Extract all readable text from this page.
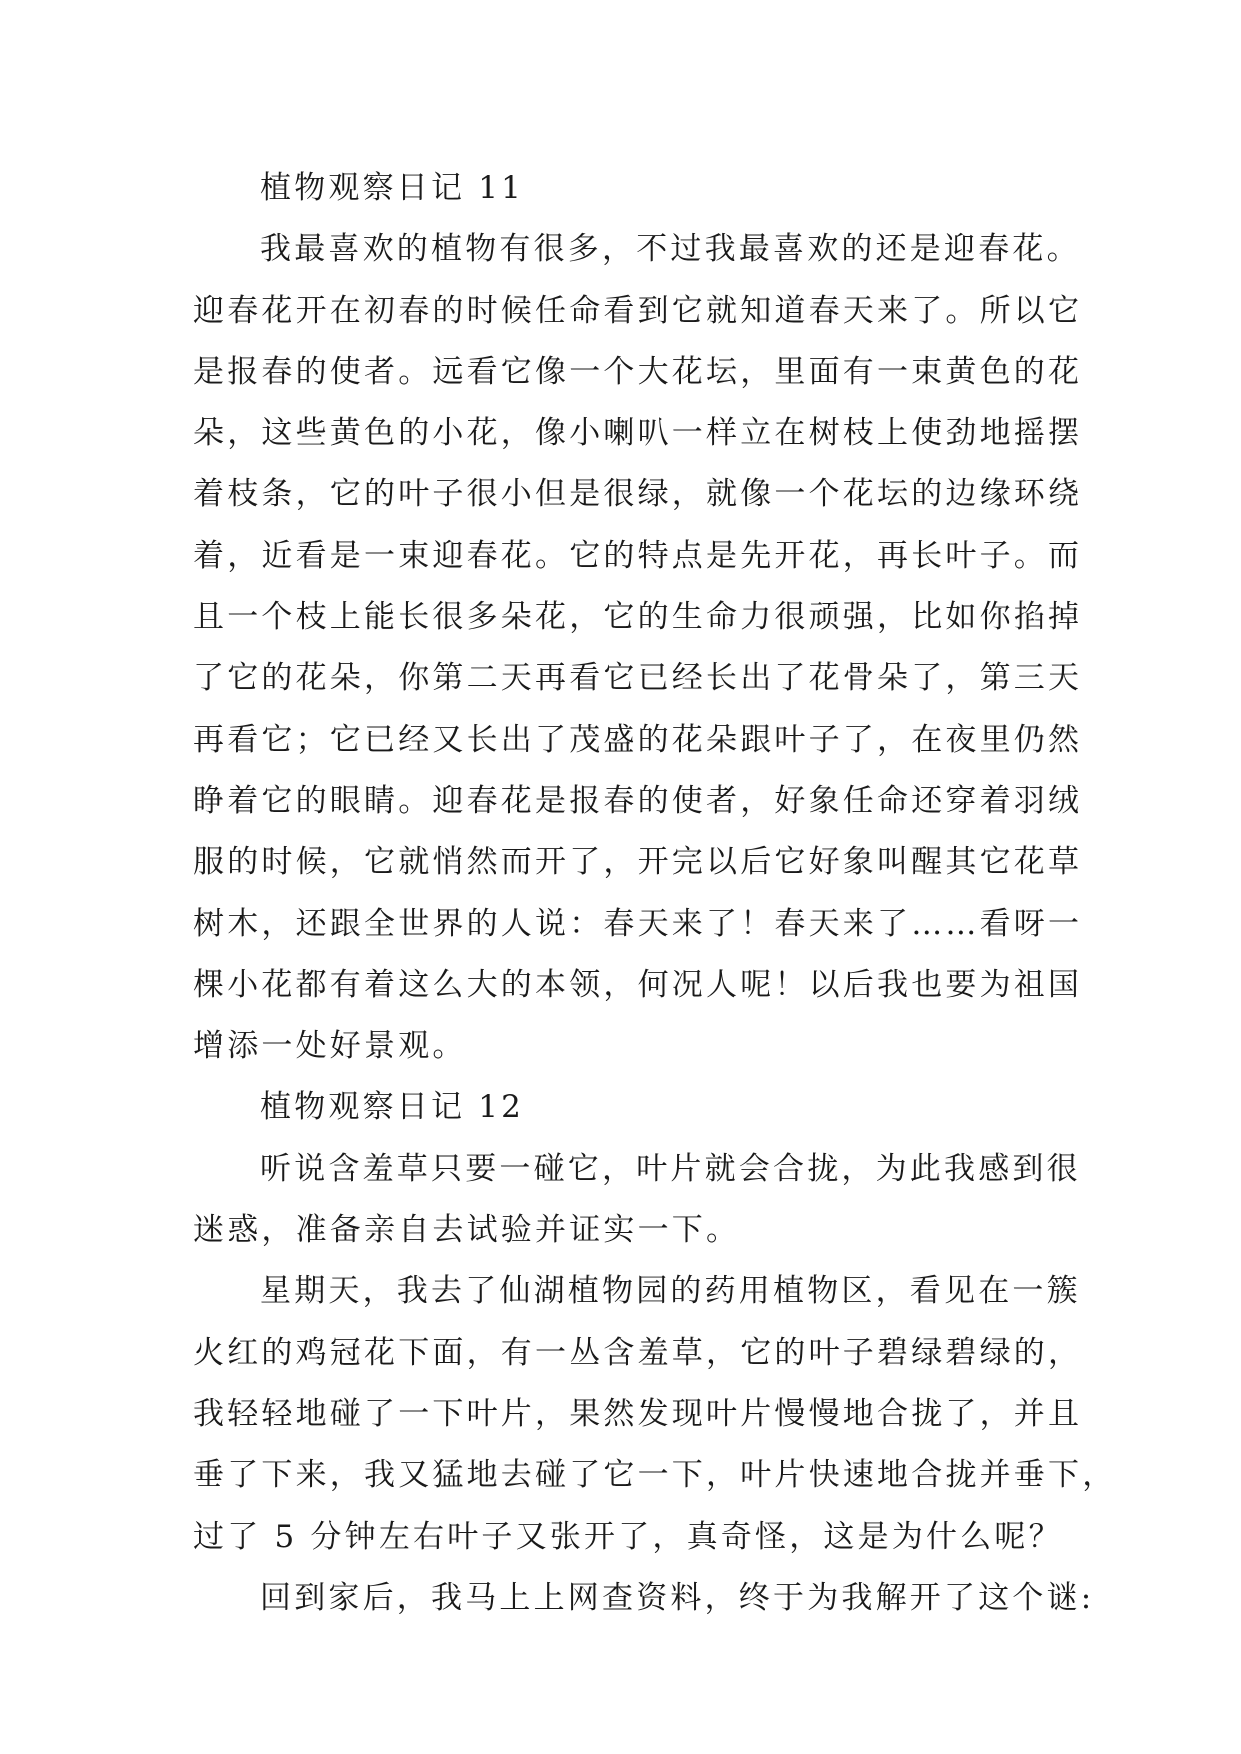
植物观察日记 11

我最喜欢的植物有很多，不过我最喜欢的还是迎春花。

迎春花开在初春的时候任命看到它就知道春天来了。所以它

是报春的使者。远看它像一个大花坛，里面有一束黄色的花

朵，这些黄色的小花，像小喇叭一样立在树枝上使劲地摇摆

着枝条，它的叶子很小但是很绿，就像一个花坛的边缘环绕

着，近看是一束迎春花。它的特点是先开花，再长叶子。而

且一个枝上能长很多朵花，它的生命力很顽强，比如你掐掉

了它的花朵，你第二天再看它已经长出了花骨朵了，第三天

再看它；它已经又长出了茂盛的花朵跟叶子了，在夜里仍然

睁着它的眼睛。迎春花是报春的使者，好象任命还穿着羽绒

服的时候，它就悄然而开了，开完以后它好象叫醒其它花草

树木，还跟全世界的人说：春天来了！春天来了……看呀一

棵小花都有着这么大的本领，何况人呢！以后我也要为祖国

增添一处好景观。

植物观察日记 12

听说含羞草只要一碰它，叶片就会合拢，为此我感到很

迷惑，准备亲自去试验并证实一下。

星期天，我去了仙湖植物园的药用植物区，看见在一簇

火红的鸡冠花下面，有一丛含羞草，它的叶子碧绿碧绿的，

我轻轻地碰了一下叶片，果然发现叶片慢慢地合拢了，并且

垂了下来，我又猛地去碰了它一下，叶片快速地合拢并垂下，

过了 5 分钟左右叶子又张开了，真奇怪，这是为什么呢？

回到家后，我马上上网查资料，终于为我解开了这个谜:
